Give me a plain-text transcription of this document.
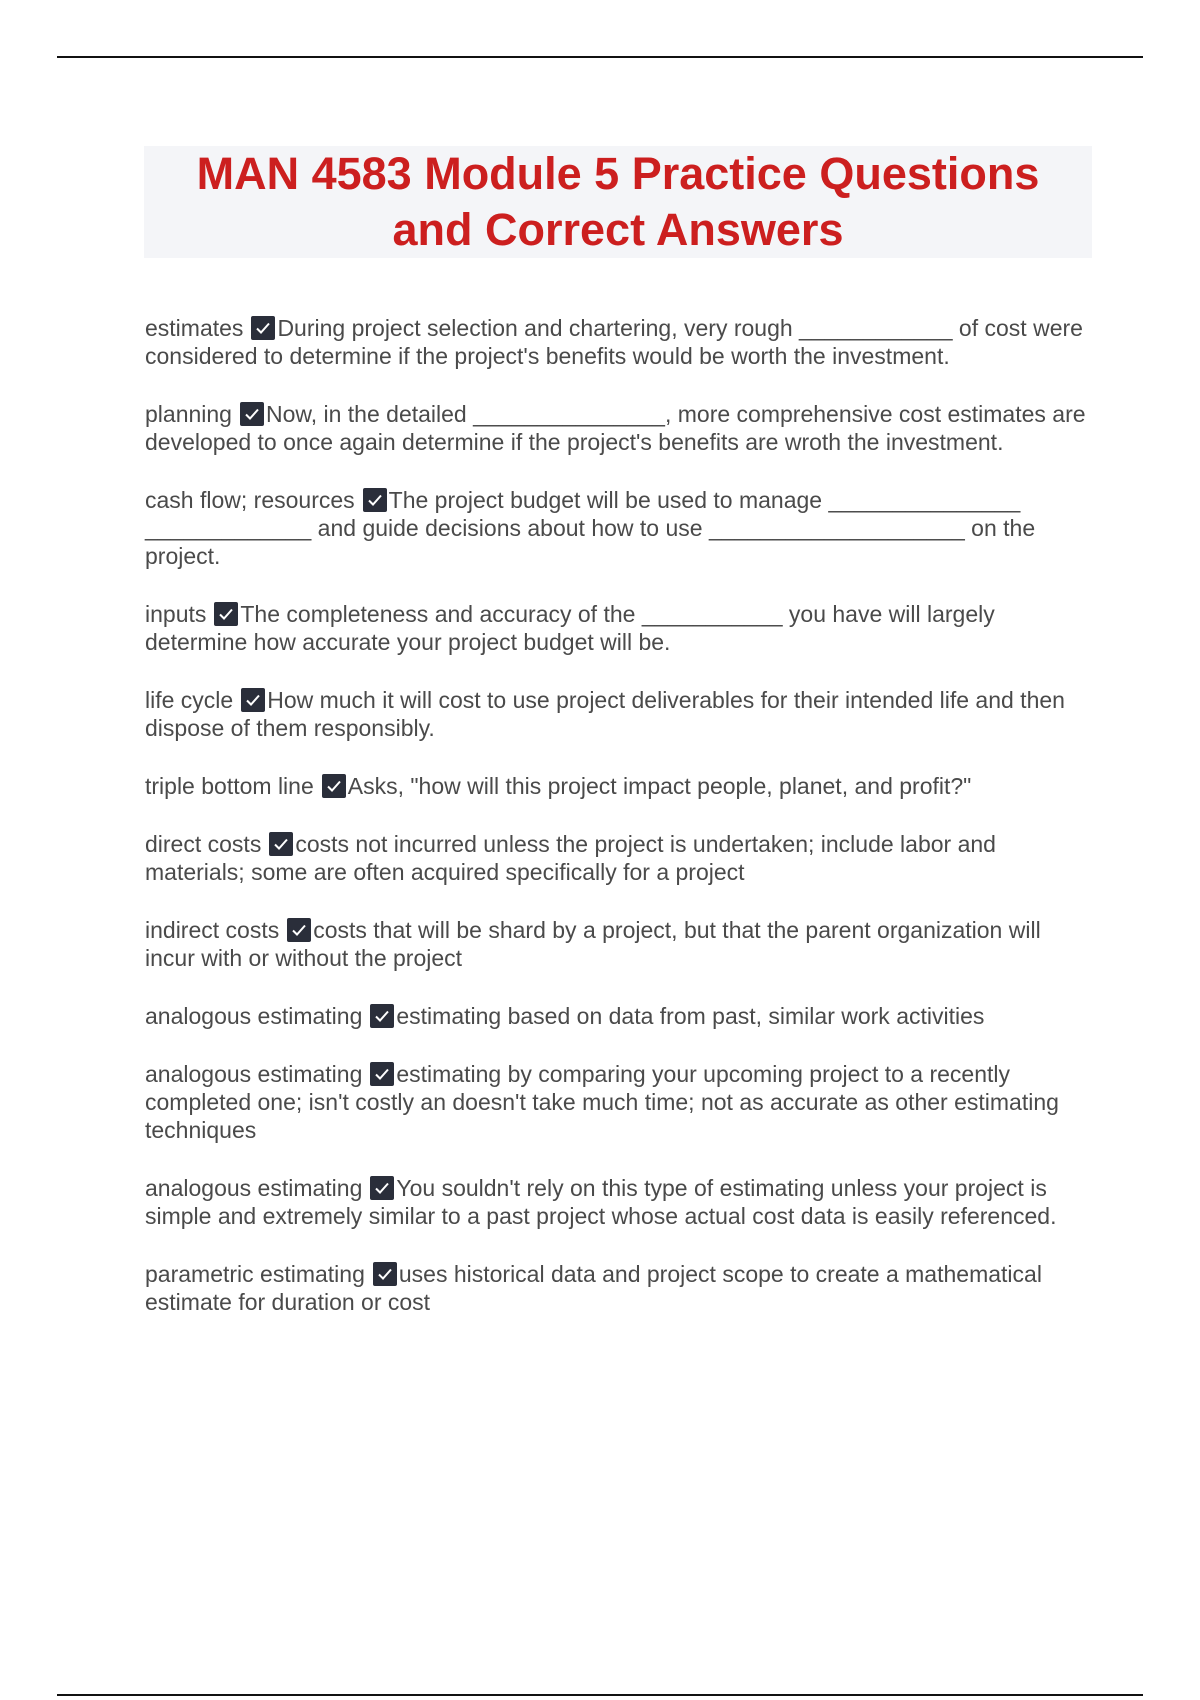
MAN 4583 Module 5 Practice Questions
and Correct Answers

estimates During project selection and chartering, very rough ____________ of cost were considered to determine if the project's benefits would be worth the investment.

planning Now, in the detailed _______________, more comprehensive cost estimates are developed to once again determine if the project's benefits are wroth the investment.

cash flow; resources The project budget will be used to manage _______________ _____________ and guide decisions about how to use ____________________ on the project.

inputs The completeness and accuracy of the ___________ you have will largely determine how accurate your project budget will be.

life cycle How much it will cost to use project deliverables for their intended life and then dispose of them responsibly.

triple bottom line Asks, "how will this project impact people, planet, and profit?"

direct costs costs not incurred unless the project is undertaken; include labor and materials; some are often acquired specifically for a project

indirect costs costs that will be shard by a project, but that the parent organization will incur with or without the project

analogous estimating estimating based on data from past, similar work activities

analogous estimating estimating by comparing your upcoming project to a recently completed one; isn't costly an doesn't take much time; not as accurate as other estimating techniques

analogous estimating You souldn't rely on this type of estimating unless your project is simple and extremely similar to a past project whose actual cost data is easily referenced.

parametric estimating uses historical data and project scope to create a mathematical estimate for duration or cost
